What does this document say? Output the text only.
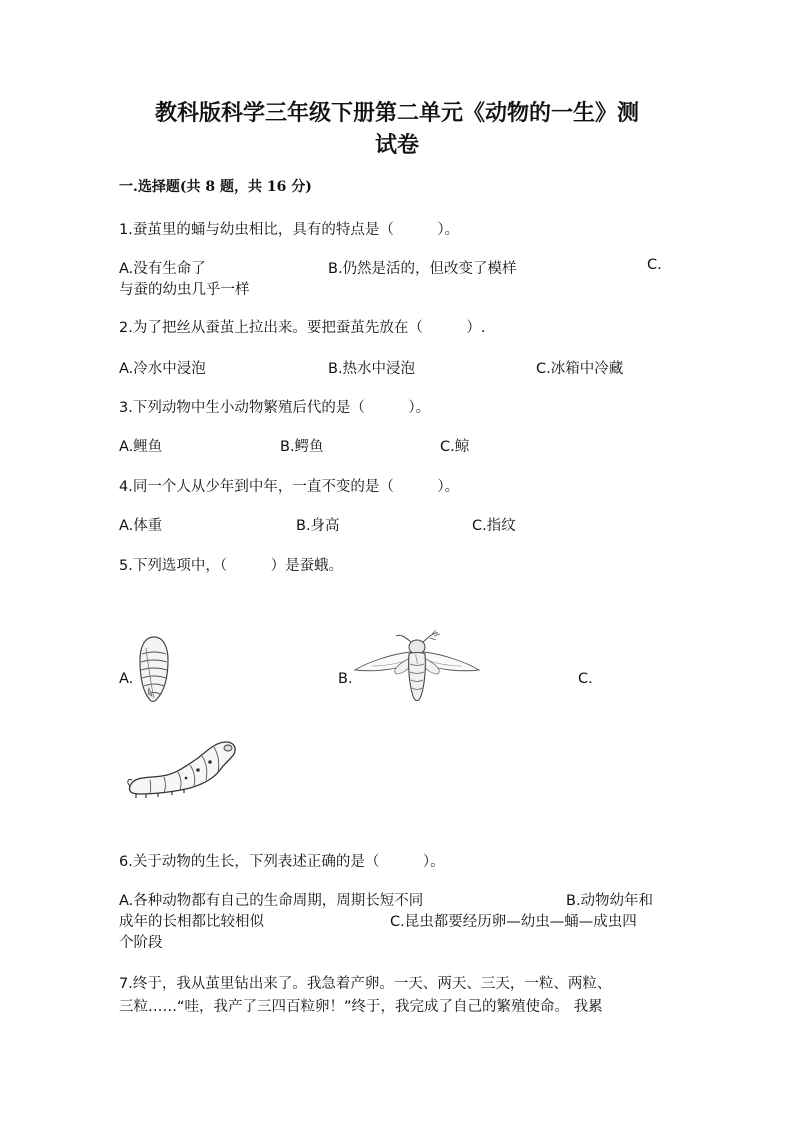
教科版科学三年级下册第二单元《动物的一生》测
试卷
一.选择题(共 8 题，共 16 分)
1.蚕茧里的蛹与幼虫相比，具有的特点是（　　　）。
A.没有生命了	B.仍然是活的，但改变了模样	C.
与蚕的幼虫几乎一样
2.为了把丝从蚕茧上拉出来。要把蚕茧先放在（　　　）.
A.冷水中浸泡	B.热水中浸泡	C.冰箱中冷藏
3.下列动物中生小动物繁殖后代的是（　　　）。
A.鲤鱼	B.鳄鱼	C.鲸
4.同一个人从少年到中年，一直不变的是（　　　）。
A.体重	B.身高	C.指纹
5.下列选项中，（　　　）是蚕蛾。
A.	B.	C.
6.关于动物的生长，下列表述正确的是（　　　）。
A.各种动物都有自己的生命周期，周期长短不同	B.动物幼年和
成年的长相都比较相似	C.昆虫都要经历卵—幼虫—蛹—成虫四
个阶段
7.终于，我从茧里钻出来了。我急着产卵。一天、两天、三天，一粒、两粒、
三粒……“哇，我产了三四百粒卵！”终于，我完成了自己的繁殖使命。 我累
